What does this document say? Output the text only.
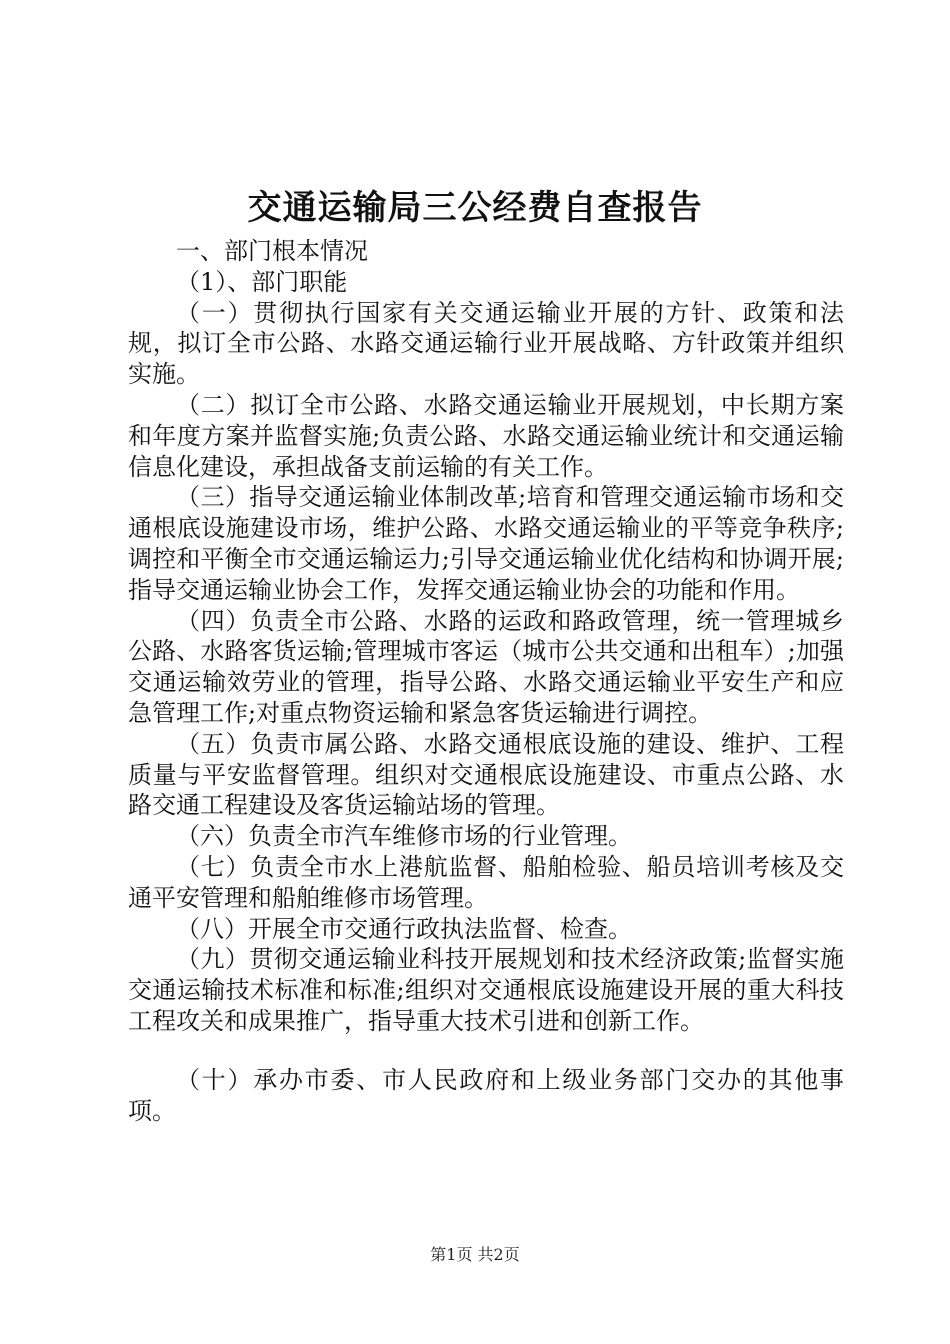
交通运输局三公经费自查报告

一、部门根本情况

（1）、部门职能

（一）贯彻执行国家有关交通运输业开展的方针、政策和法规，拟订全市公路、水路交通运输行业开展战略、方针政策并组织实施。

（二）拟订全市公路、水路交通运输业开展规划，中长期方案和年度方案并监督实施;负责公路、水路交通运输业统计和交通运输信息化建设，承担战备支前运输的有关工作。

（三）指导交通运输业体制改革;培育和管理交通运输市场和交通根底设施建设市场，维护公路、水路交通运输业的平等竞争秩序;调控和平衡全市交通运输运力;引导交通运输业优化结构和协调开展;指导交通运输业协会工作，发挥交通运输业协会的功能和作用。

（四）负责全市公路、水路的运政和路政管理，统一管理城乡公路、水路客货运输;管理城市客运（城市公共交通和出租车）;加强交通运输效劳业的管理，指导公路、水路交通运输业平安生产和应急管理工作;对重点物资运输和紧急客货运输进行调控。

（五）负责市属公路、水路交通根底设施的建设、维护、工程质量与平安监督管理。组织对交通根底设施建设、市重点公路、水路交通工程建设及客货运输站场的管理。

（六）负责全市汽车维修市场的行业管理。

（七）负责全市水上港航监督、船舶检验、船员培训考核及交通平安管理和船舶维修市场管理。

（八）开展全市交通行政执法监督、检查。

（九）贯彻交通运输业科技开展规划和技术经济政策;监督实施交通运输技术标准和标准;组织对交通根底设施建设开展的重大科技工程攻关和成果推广，指导重大技术引进和创新工作。

（十）承办市委、市人民政府和上级业务部门交办的其他事项。

第1页 共2页
